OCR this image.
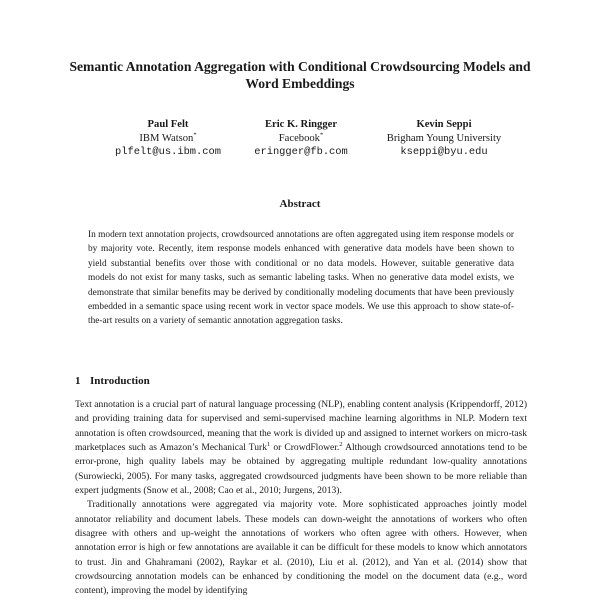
Semantic Annotation Aggregation with Conditional Crowdsourcing Models and Word Embeddings
Paul Felt
IBM Watson*
plfelt@us.ibm.com
Eric K. Ringger
Facebook*
eringger@fb.com
Kevin Seppi
Brigham Young University
kseppi@byu.edu
Abstract

In modern text annotation projects, crowdsourced annotations are often aggregated using item response models or by majority vote. Recently, item response models enhanced with generative data models have been shown to yield substantial benefits over those with conditional or no data models. However, suitable generative data models do not exist for many tasks, such as semantic labeling tasks. When no generative data model exists, we demonstrate that similar benefits may be derived by conditionally modeling documents that have been previously embedded in a semantic space using recent work in vector space models. We use this approach to show state-of-the-art results on a variety of semantic annotation aggregation tasks.

1 Introduction

Text annotation is a crucial part of natural language processing (NLP), enabling content analysis (Krippendorff, 2012) and providing training data for supervised and semi-supervised machine learning algorithms in NLP. Modern text annotation is often crowdsourced, meaning that the work is divided up and assigned to internet workers on micro-task marketplaces such as Amazon’s Mechanical Turk$^1$ or CrowdFlower.$^2$ Although crowdsourced annotations tend to be error-prone, high quality labels may be obtained by aggregating multiple redundant low-quality annotations (Surowiecki, 2005). For many tasks, aggregated crowdsourced judgments have been shown to be more reliable than expert judgments (Snow et al., 2008; Cao et al., 2010; Jurgens, 2013).

Traditionally annotations were aggregated via majority vote. More sophisticated approaches jointly model annotator reliability and document labels. These models can down-weight the annotations of workers who often disagree with others and up-weight the annotations of workers who often agree with others. However, when annotation error is high or few annotations are available it can be difficult for these models to know which annotators to trust. Jin and Ghahramani (2002), Raykar et al. (2010), Liu et al. (2012), and Yan et al. (2014) show that crowdsourcing annotation models can be enhanced by conditioning the model on the document data (e.g., word content), improving the model by identifying
